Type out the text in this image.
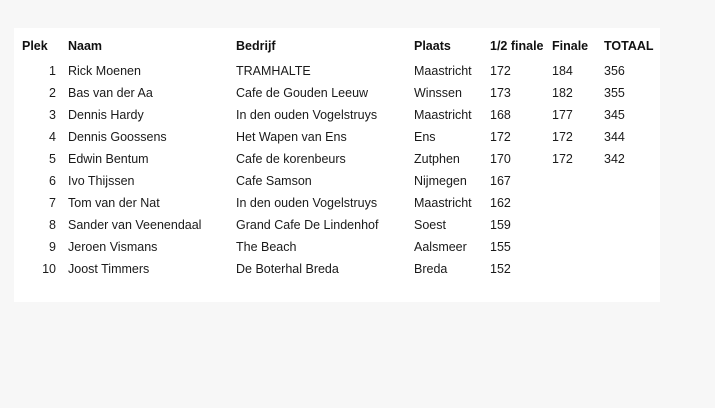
Plek	Naam	Bedrijf	Plaats	1/2 finale	Finale	TOTAAL
1	Rick Moenen	TRAMHALTE	Maastricht	172	184	356
2	Bas van der Aa	Cafe de Gouden Leeuw	Winssen	173	182	355
3	Dennis Hardy	In den ouden Vogelstruys	Maastricht	168	177	345
4	Dennis Goossens	Het Wapen van Ens	Ens	172	172	344
5	Edwin Bentum	Cafe de korenbeurs	Zutphen	170	172	342
6	Ivo Thijssen	Cafe Samson	Nijmegen	167		
7	Tom van der Nat	In den ouden Vogelstruys	Maastricht	162		
8	Sander van Veenendaal	Grand Cafe De Lindenhof	Soest	159		
9	Jeroen Vismans	The Beach	Aalsmeer	155		
10	Joost Timmers	De Boterhal Breda	Breda	152		
